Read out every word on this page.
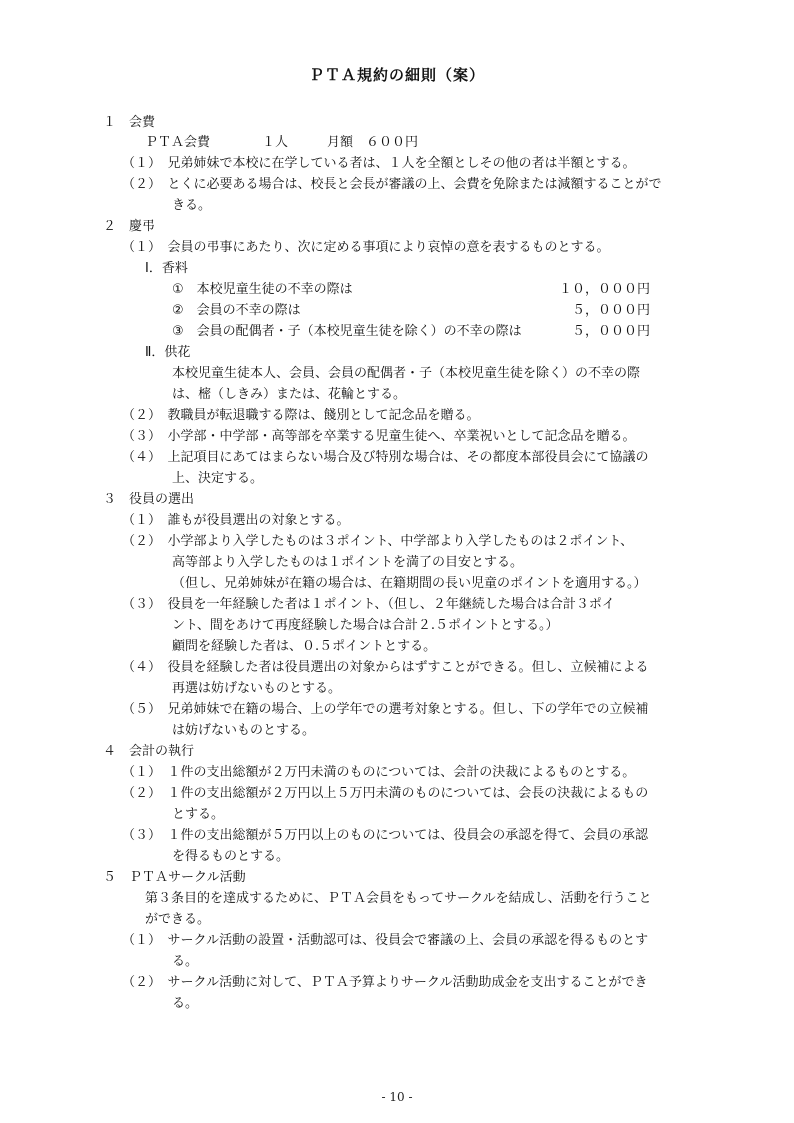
ＰＴＡ規約の細則（案）
１　会費
ＰＴＡ会費　　　　１人　　　月額　６００円
（１）　兄弟姉妹で本校に在学している者は、１人を全額としその他の者は半額とする。
（２）　とくに必要ある場合は、校長と会長が審議の上、会費を免除または減額することがで
きる。
２　慶弔
（１）　会員の弔事にあたり、次に定める事項により哀悼の意を表するものとする。
Ⅰ．香料
①　本校児童生徒の不幸の際は	１０，０００円
②　会員の不幸の際は	５，０００円
③　会員の配偶者・子（本校児童生徒を除く）の不幸の際は	５，０００円
Ⅱ．供花
本校児童生徒本人、会員、会員の配偶者・子（本校児童生徒を除く）の不幸の際
は、樒（しきみ）または、花輪とする。
（２）　教職員が転退職する際は、餞別として記念品を贈る。
（３）　小学部・中学部・高等部を卒業する児童生徒へ、卒業祝いとして記念品を贈る。
（４）　上記項目にあてはまらない場合及び特別な場合は、その都度本部役員会にて協議の
上、決定する。
３　役員の選出
（１）　誰もが役員選出の対象とする。
（２）　小学部より入学したものは３ポイント、中学部より入学したものは２ポイント、
高等部より入学したものは１ポイントを満了の目安とする。
（但し、兄弟姉妹が在籍の場合は、在籍期間の長い児童のポイントを適用する。）
（３）　役員を一年経験した者は１ポイント、（但し、２年継続した場合は合計３ポイ
ント、間をあけて再度経験した場合は合計２.５ポイントとする。）
顧問を経験した者は、０.５ポイントとする。
（４）　役員を経験した者は役員選出の対象からはずすことができる。但し、立候補による
再選は妨げないものとする。
（５）　兄弟姉妹で在籍の場合、上の学年での選考対象とする。但し、下の学年での立候補
は妨げないものとする。
４　会計の執行
（１）　１件の支出総額が２万円未満のものについては、会計の決裁によるものとする。
（２）　１件の支出総額が２万円以上５万円未満のものについては、会長の決裁によるもの
とする。
（３）　１件の支出総額が５万円以上のものについては、役員会の承認を得て、会員の承認
を得るものとする。
５　ＰＴＡサークル活動
第３条目的を達成するために、ＰＴＡ会員をもってサークルを結成し、活動を行うこと
ができる。
（１）　サークル活動の設置・活動認可は、役員会で審議の上、会員の承認を得るものとす
る。
（２）　サークル活動に対して、ＰＴＡ予算よりサークル活動助成金を支出することができ
る。
- 10 -
